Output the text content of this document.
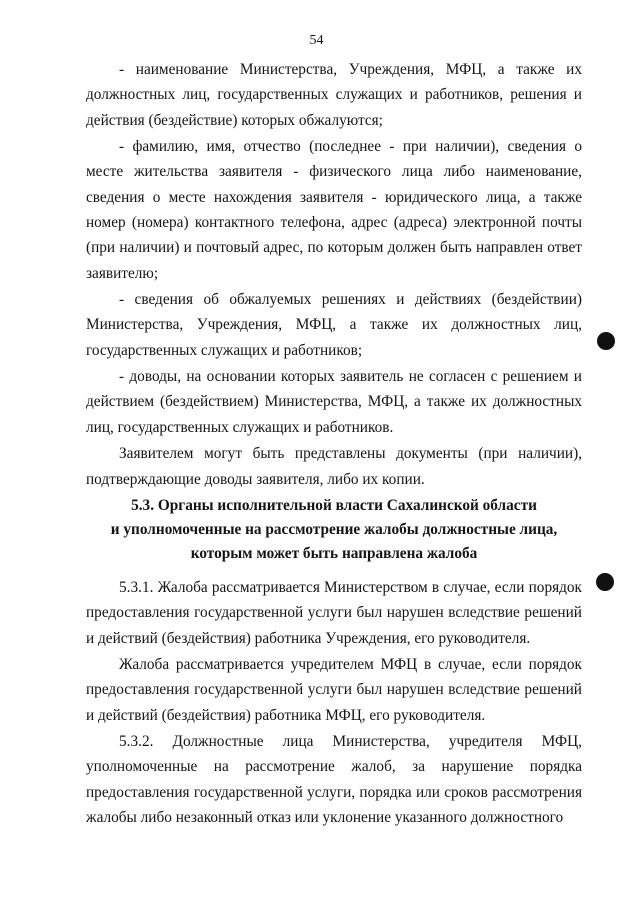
54

- наименование Министерства, Учреждения, МФЦ, а также их должностных лиц, государственных служащих и работников, решения и действия (бездействие) которых обжалуются;

- фамилию, имя, отчество (последнее - при наличии), сведения о месте жительства заявителя - физического лица либо наименование, сведения о месте нахождения заявителя - юридического лица, а также номер (номера) контактного телефона, адрес (адреса) электронной почты (при наличии) и почтовый адрес, по которым должен быть направлен ответ заявителю;

- сведения об обжалуемых решениях и действиях (бездействии) Министерства, Учреждения, МФЦ, а также их должностных лиц, государственных служащих и работников;

- доводы, на основании которых заявитель не согласен с решением и действием (бездействием) Министерства, МФЦ, а также их должностных лиц, государственных служащих и работников.

Заявителем могут быть представлены документы (при наличии), подтверждающие доводы заявителя, либо их копии.

5.3. Органы исполнительной власти Сахалинской области
и уполномоченные на рассмотрение жалобы должностные лица,
которым может быть направлена жалоба

5.3.1. Жалоба рассматривается Министерством в случае, если порядок предоставления государственной услуги был нарушен вследствие решений и действий (бездействия) работника Учреждения, его руководителя.

Жалоба рассматривается учредителем МФЦ в случае, если порядок предоставления государственной услуги был нарушен вследствие решений и действий (бездействия) работника МФЦ, его руководителя.

5.3.2. Должностные лица Министерства, учредителя МФЦ, уполномоченные на рассмотрение жалоб, за нарушение порядка предоставления государственной услуги, порядка или сроков рассмотрения жалобы либо незаконный отказ или уклонение указанного должностного
